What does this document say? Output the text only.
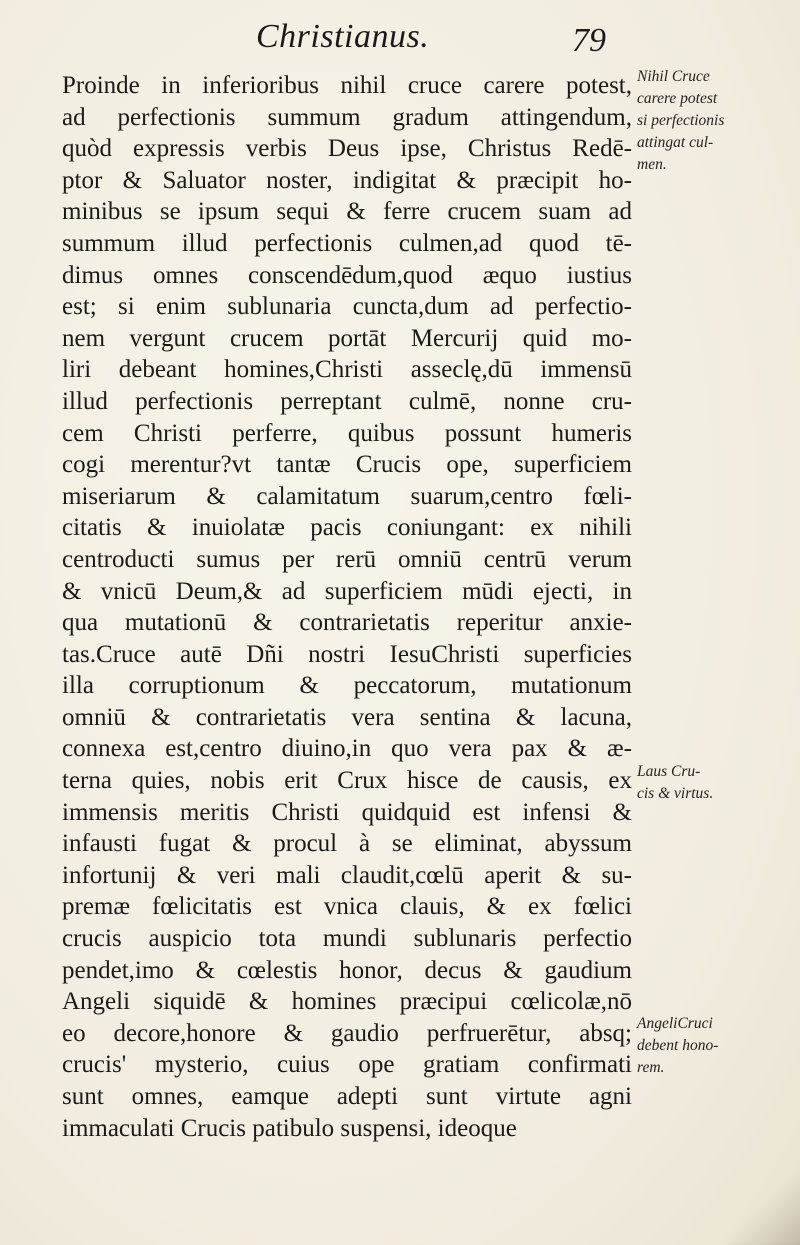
Christianus.	79
Proinde in inferioribus nihil cruce carere potest,
ad perfectionis summum gradum attingendum,
quòd expressis verbis Deus ipse, Christus Redē-
ptor & Saluator noster, indigitat & præcipit ho-
minibus se ipsum sequi & ferre crucem suam ad
summum illud perfectionis culmen,ad quod tē-
dimus omnes conscendēdum,quod æquo iustius
est; si enim sublunaria cuncta,dum ad perfectio-
nem vergunt crucem portāt Mercurij quid mo-
liri debeant homines,Christi asseclę,dū immensū
illud perfectionis perreptant culmē, nonne cru-
cem Christi perferre, quibus possunt humeris
cogi merentur?vt tantæ Crucis ope, superficiem
miseriarum & calamitatum suarum,centro fœli-
citatis & inuiolatæ pacis coniungant: ex nihili
centroducti sumus per rerū omniū centrū verum
& vnicū Deum,& ad superficiem mūdi ejecti, in
qua mutationū & contrarietatis reperitur anxie-
tas.Cruce autē Dñi nostri IesuChristi superficies
illa corruptionum & peccatorum, mutationum
omniū & contrarietatis vera sentina & lacuna,
connexa est,centro diuino,in quo vera pax & æ-
terna quies, nobis erit Crux hisce de causis, ex
immensis meritis Christi quidquid est infensi &
infausti fugat & procul à se eliminat, abyssum
infortunij & veri mali claudit,cœlū aperit & su-
premæ fœlicitatis est vnica clauis, & ex fœlici
crucis auspicio tota mundi sublunaris perfectio
pendet,imo & cœlestis honor, decus & gaudium
Angeli siquidē & homines præcipui cœlicolæ,nō
eo decore,honore & gaudio perfruerētur, absq;
crucis' mysterio, cuius ope gratiam confirmati
sunt omnes, eamque adepti sunt virtute agni
immaculati Crucis patibulo suspensi, ideoque
Nihil Cruce
carere potest
si perfectionis
attingat cul-
men.
Laus Cru-
cis & virtus.
AngeliCruci
debent hono-
rem.
